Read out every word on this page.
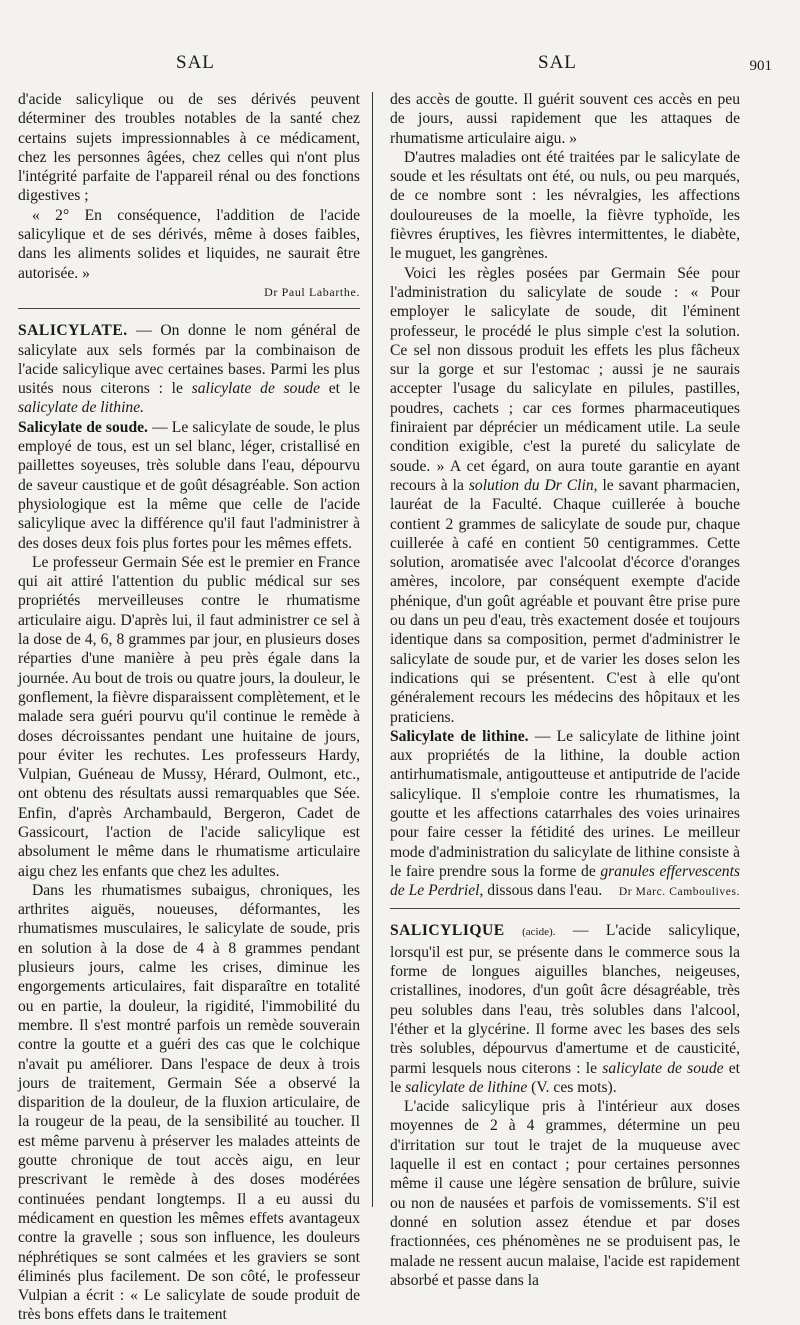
SAL	SAL	901

d'acide salicylique ou de ses dérivés peuvent déterminer des troubles notables de la santé chez certains sujets impressionnables à ce médicament, chez les personnes âgées, chez celles qui n'ont plus l'intégrité parfaite de l'appareil rénal ou des fonctions digestives ;

« 2° En conséquence, l'addition de l'acide salicylique et de ses dérivés, même à doses faibles, dans les aliments solides et liquides, ne saurait être autorisée. »

Dr Paul Labarthe.

SALICYLATE. — On donne le nom général de salicylate aux sels formés par la combinaison de l'acide salicylique avec certaines bases. Parmi les plus usités nous citerons : le salicylate de soude et le salicylate de lithine.

Salicylate de soude. — Le salicylate de soude, le plus employé de tous, est un sel blanc, léger, cristallisé en paillettes soyeuses, très soluble dans l'eau, dépourvu de saveur caustique et de goût désagréable. Son action physiologique est la même que celle de l'acide salicylique avec la différence qu'il faut l'administrer à des doses deux fois plus fortes pour les mêmes effets.

Le professeur Germain Sée est le premier en France qui ait attiré l'attention du public médical sur ses propriétés merveilleuses contre le rhumatisme articulaire aigu. D'après lui, il faut administrer ce sel à la dose de 4, 6, 8 grammes par jour, en plusieurs doses réparties d'une manière à peu près égale dans la journée. Au bout de trois ou quatre jours, la douleur, le gonflement, la fièvre disparaissent complètement, et le malade sera guéri pourvu qu'il continue le remède à doses décroissantes pendant une huitaine de jours, pour éviter les rechutes. Les professeurs Hardy, Vulpian, Guéneau de Mussy, Hérard, Oulmont, etc., ont obtenu des résultats aussi remarquables que Sée. Enfin, d'après Archambauld, Bergeron, Cadet de Gassicourt, l'action de l'acide salicylique est absolument le même dans le rhumatisme articulaire aigu chez les enfants que chez les adultes.

Dans les rhumatismes subaigus, chroniques, les arthrites aiguës, noueuses, déformantes, les rhumatismes musculaires, le salicylate de soude, pris en solution à la dose de 4 à 8 grammes pendant plusieurs jours, calme les crises, diminue les engorgements articulaires, fait disparaître en totalité ou en partie, la douleur, la rigidité, l'immobilité du membre. Il s'est montré parfois un remède souverain contre la goutte et a guéri des cas que le colchique n'avait pu améliorer. Dans l'espace de deux à trois jours de traitement, Germain Sée a observé la disparition de la douleur, de la fluxion articulaire, de la rougeur de la peau, de la sensibilité au toucher. Il est même parvenu à préserver les malades atteints de goutte chronique de tout accès aigu, en leur prescrivant le remède à des doses modérées continuées pendant longtemps. Il a eu aussi du médicament en question les mêmes effets avantageux contre la gravelle ; sous son influence, les douleurs néphrétiques se sont calmées et les graviers se sont éliminés plus facilement. De son côté, le professeur Vulpian a écrit : « Le salicylate de soude produit de très bons effets dans le traitement

des accès de goutte. Il guérit souvent ces accès en peu de jours, aussi rapidement que les attaques de rhumatisme articulaire aigu. »

D'autres maladies ont été traitées par le salicylate de soude et les résultats ont été, ou nuls, ou peu marqués, de ce nombre sont : les névralgies, les affections douloureuses de la moelle, la fièvre typhoïde, les fièvres éruptives, les fièvres intermittentes, le diabète, le muguet, les gangrènes.

Voici les règles posées par Germain Sée pour l'administration du salicylate de soude : « Pour employer le salicylate de soude, dit l'éminent professeur, le procédé le plus simple c'est la solution. Ce sel non dissous produit les effets les plus fâcheux sur la gorge et sur l'estomac ; aussi je ne saurais accepter l'usage du salicylate en pilules, pastilles, poudres, cachets ; car ces formes pharmaceutiques finiraient par déprécier un médicament utile. La seule condition exigible, c'est la pureté du salicylate de soude. » A cet égard, on aura toute garantie en ayant recours à la solution du Dr Clin, le savant pharmacien, lauréat de la Faculté. Chaque cuillerée à bouche contient 2 grammes de salicylate de soude pur, chaque cuillerée à café en contient 50 centigrammes. Cette solution, aromatisée avec l'alcoolat d'écorce d'oranges amères, incolore, par conséquent exempte d'acide phénique, d'un goût agréable et pouvant être prise pure ou dans un peu d'eau, très exactement dosée et toujours identique dans sa composition, permet d'administrer le salicylate de soude pur, et de varier les doses selon les indications qui se présentent. C'est à elle qu'ont généralement recours les médecins des hôpitaux et les praticiens.

Salicylate de lithine. — Le salicylate de lithine joint aux propriétés de la lithine, la double action antirhumatismale, antigoutteuse et antiputride de l'acide salicylique. Il s'emploie contre les rhumatismes, la goutte et les affections catarrhales des voies urinaires pour faire cesser la fétidité des urines. Le meilleur mode d'administration du salicylate de lithine consiste à le faire prendre sous la forme de granules effervescents de Le Perdriel, dissous dans l'eau. Dr Marc. Camboulives.

SALICYLIQUE (acide). — L'acide salicylique, lorsqu'il est pur, se présente dans le commerce sous la forme de longues aiguilles blanches, neigeuses, cristallines, inodores, d'un goût âcre désagréable, très peu solubles dans l'eau, très solubles dans l'alcool, l'éther et la glycérine. Il forme avec les bases des sels très solubles, dépourvus d'amertume et de causticité, parmi lesquels nous citerons : le salicylate de soude et le salicylate de lithine (V. ces mots).

L'acide salicylique pris à l'intérieur aux doses moyennes de 2 à 4 grammes, détermine un peu d'irritation sur tout le trajet de la muqueuse avec laquelle il est en contact ; pour certaines personnes même il cause une légère sensation de brûlure, suivie ou non de nausées et parfois de vomissements. S'il est donné en solution assez étendue et par doses fractionnées, ces phénomènes ne se produisent pas, le malade ne ressent aucun malaise, l'acide est rapidement absorbé et passe dans la
